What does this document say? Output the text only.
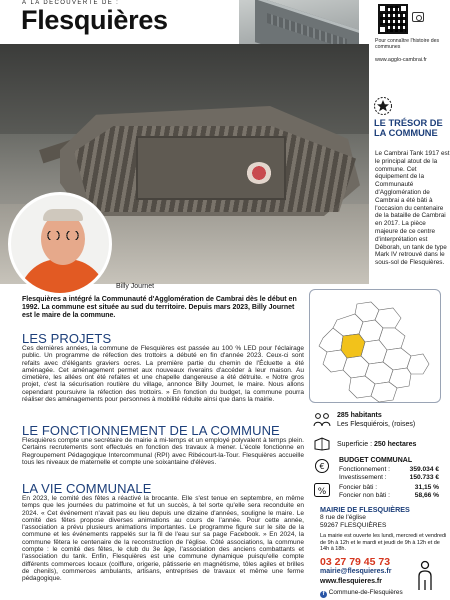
À LA DÉCOUVERTE DE :
Flesquières
Pour connaître l'histoire des communes
www.agglo-cambrai.fr
Billy Journet
LE TRÉSOR DE LA COMMUNE
Le Cambrai Tank 1917 est le principal atout de la commune. Cet équipement de la Communauté d'Agglomération de Cambrai a été bâti à l'occasion du centenaire de la bataille de Cambrai en 2017. La pièce majeure de ce centre d'interprétation est Déborah, un tank de type Mark IV retrouvé dans le sous-sol de Flesquières.
Flesquières a intégré la Communauté d'Agglomération de Cambrai dès le début en 1992. La commune est située au sud du territoire. Depuis mars 2023, Billy Journet est le maire de la commune.
LES PROJETS
Ces dernières années, la commune de Flesquières est passée au 100 % LED pour l'éclairage public. Un programme de réfection des trottoirs a débuté en fin d'année 2023. Ceux-ci sont refaits avec d'élégants graviers ocres. La première partie du chemin de l'Écluette a été aménagée. Cet aménagement permet aux nouveaux riverains d'accéder à leur maison. Au cimetière, les allées ont été refaites et une chapelle dangereuse a été détruite. « Notre gros projet, c'est la sécurisation routière du village, annonce Billy Journet, le maire. Nous allons cependant poursuivre la réfection des trottoirs. » En fonction du budget, la commune pourra réaliser des aménagements pour personnes à mobilité réduite ainsi que dans la mairie.
LE FONCTIONNEMENT DE LA COMMUNE
Flesquières compte une secrétaire de mairie à mi-temps et un employé polyvalent à temps plein. Certains recrutements sont effectués en fonction des travaux à mener. L'école fonctionne en Regroupement Pédagogique Intercommunal (RPI) avec Ribécourt-la-Tour. Flesquières accueille tous les niveaux de maternelle et compte une soixantaine d'élèves.
LA VIE COMMUNALE
En 2023, le comité des fêtes a réactivé la brocante. Elle s'est tenue en septembre, en même temps que les journées du patrimoine et fut un succès, à tel sorte qu'elle sera reconduite en 2024. « Cet événement n'avait pas eu lieu depuis une dizaine d'années, souligne le maire. Le comité des fêtes propose diverses animations au cours de l'année. Pour cette année, l'association a prévu plusieurs animations importantes. Le programme figure sur le site de la commune et les événements rappelés sur la fil de l'eau sur sa page Facebook. » En 2024, la commune fêtera le centenaire de la reconstruction de l'église. Côté associations, la commune compte : le comité des fêtes, le club du 3e âge, l'association des anciens combattants et l'association du tank. Enfin, Flesquières est une commune dynamique puisqu'elle compte différents commerces locaux (coiffure, origerie, pâtisserie en magnétisme, tôles agiles et brilles de chenils), commerces ambulants, artisans, entreprises de travaux et même une ferme pédagogique.
285 habitants
Les Flesquiérois, (roises)
Superficie : 250 hectares
€
BUDGET COMMUNAL
Fonctionnement :	359.034 €
Investissement :	150.733 €
% Foncier bâti :	31,15 %
Foncier non bâti :	58,66 %
MAIRIE DE FLESQUIÈRES
8 rue de l'église
59267 FLESQUIÈRES
La mairie est ouverte les lundi, mercredi et vendredi de 9h à 12h et le mardi et jeudi de 9h à 12h et de 14h à 18h.
03 27 79 45 73
mairie@flesquieres.fr
www.flesquieres.fr
f Commune-de-Flesquières
